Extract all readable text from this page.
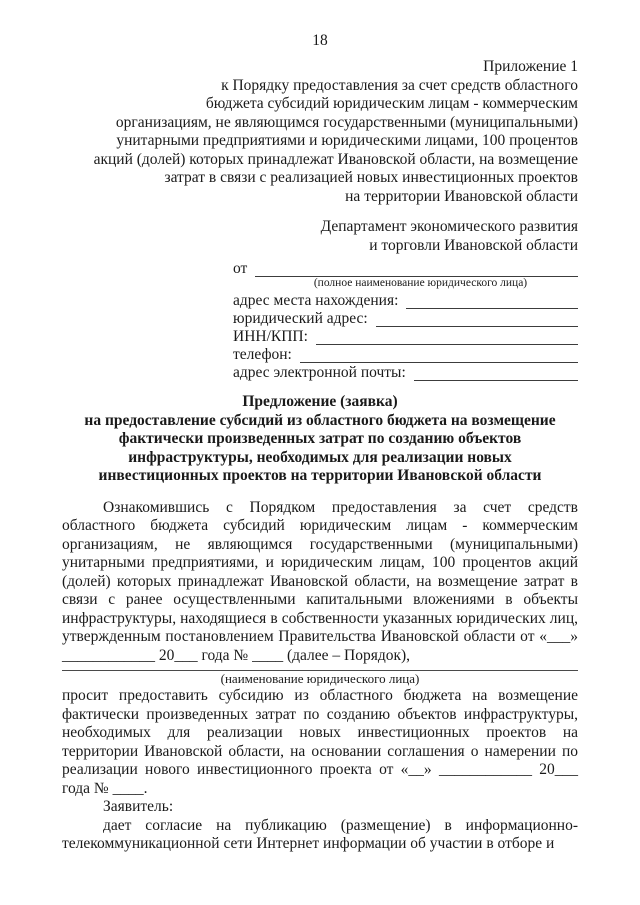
18
Приложение 1
к Порядку предоставления за счет средств областного
бюджета субсидий юридическим лицам - коммерческим
организациям, не являющимся государственными (муниципальными)
унитарными предприятиями и юридическими лицами, 100 процентов
акций (долей) которых принадлежат Ивановской области, на возмещение
затрат в связи с реализацией новых инвестиционных проектов
на территории Ивановской области
Департамент экономического развития
и торговли Ивановской области
от
(полное наименование юридического лица)
адрес места нахождения:
юридический адрес:
ИНН/КПП:
телефон:
адрес электронной почты:
Предложение (заявка)
на предоставление субсидий из областного бюджета на возмещение
фактически произведенных затрат по созданию объектов
инфраструктуры, необходимых для реализации новых
инвестиционных проектов на территории Ивановской области

Ознакомившись с Порядком предоставления за счет средств областного бюджета субсидий юридическим лицам - коммерческим организациям, не являющимся государственными (муниципальными) унитарными предприятиями, и юридическим лицам, 100 процентов акций (долей) которых принадлежат Ивановской области, на возмещение затрат в связи с ранее осуществленными капитальными вложениями в объекты инфраструктуры, находящиеся в собственности указанных юридических лиц, утвержденным постановлением Правительства Ивановской области от «___» ____________ 20___ года № ____ (далее – Порядок),

(наименование юридического лица)

просит предоставить субсидию из областного бюджета на возмещение фактически произведенных затрат по созданию объектов инфраструктуры, необходимых для реализации новых инвестиционных проектов на территории Ивановской области, на основании соглашения о намерении по реализации нового инвестиционного проекта от «__» ____________ 20___ года № ____.

Заявитель:

дает согласие на публикацию (размещение) в информационно-телекоммуникационной сети Интернет информации об участии в отборе и
